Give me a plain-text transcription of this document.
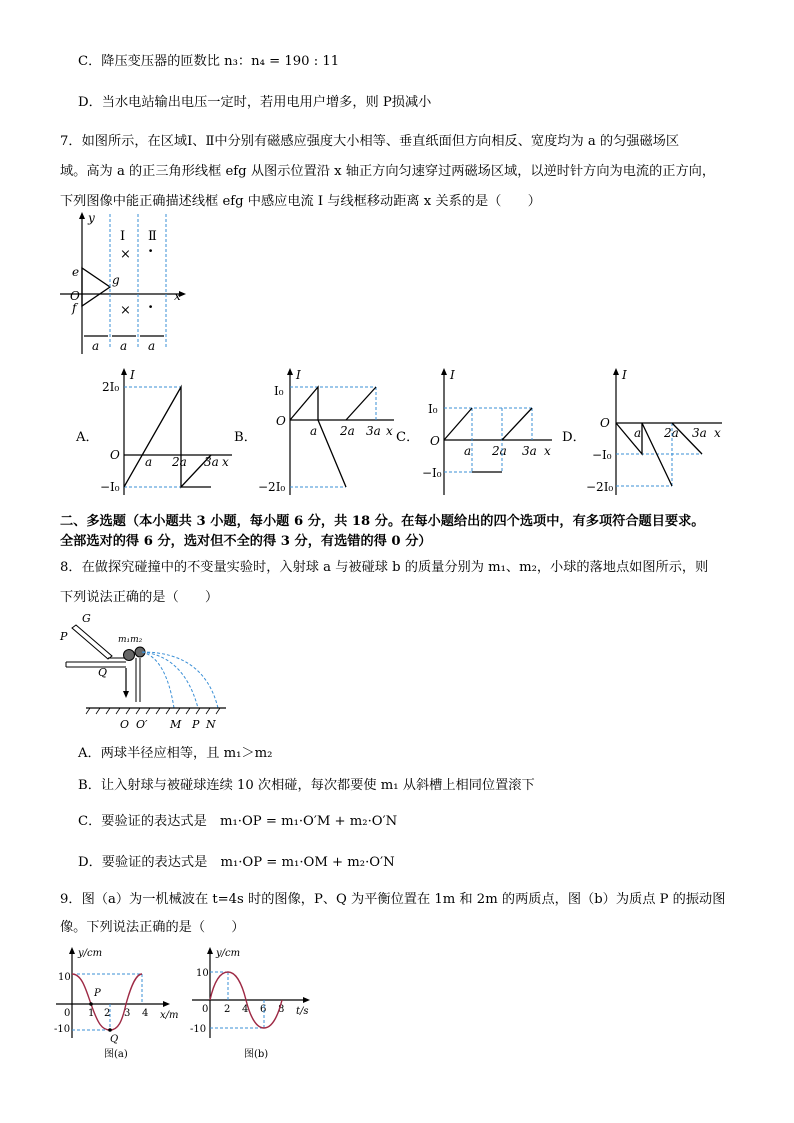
C．降压变压器的匝数比 n₃：n₄ = 190 : 11
D．当水电站输出电压一定时，若用电用户增多，则 P损减小
7．如图所示，在区域Ⅰ、Ⅱ中分别有磁感应强度大小相等、垂直纸面但方向相反、宽度均为 a 的匀强磁场区
域。高为 a 的正三角形线框 efg 从图示位置沿 x 轴正方向匀速穿过两磁场区域，以逆时针方向为电流的正方向，
下列图像中能正确描述线框 efg 中感应电流 I 与线框移动距离 x 关系的是（　　）
y
x
O
e
f
g
Ⅰ Ⅱ
×
×
·
·
a a a
A．
I
2I₀
−I₀
O a 2a 3a x
B．
I
I₀
−2I₀
O
a 2a 3a x C．
I
I₀
−I₀
O
a 2a 3a x
D．
I
O
−I₀
−2I₀
a 2a 3a x
二、多选题（本小题共 3 小题，每小题 6 分，共 18 分。在每小题给出的四个选项中，有多项符合题目要求。
全部选对的得 6 分，选对但不全的得 3 分，有选错的得 0 分）
8．在做探究碰撞中的不变量实验时，入射球 a 与被碰球 b 的质量分别为 m₁、m₂，小球的落地点如图所示，则
下列说法正确的是（　　）
G
P
Q
m₁m₂
O O′ M P N
A．两球半径应相等，且 m₁＞m₂
B．让入射球与被碰球连续 10 次相碰，每次都要使 m₁ 从斜槽上相同位置滚下
C．要验证的表达式是　m₁·OP = m₁·O′M + m₂·O′N
D．要验证的表达式是　m₁·OP = m₁·OM + m₂·O′N
9．图（a）为一机械波在 t=4s 时的图像，P、Q 为平衡位置在 1m 和 2m 的两质点，图（b）为质点 P 的振动图
像。下列说法正确的是（　　）
y/cm
x/m
10
-10
0 1 2 3 4
P
Q
图(a)
y/cm
t/s
10
-10
0 2 4 6 8
图(b)
